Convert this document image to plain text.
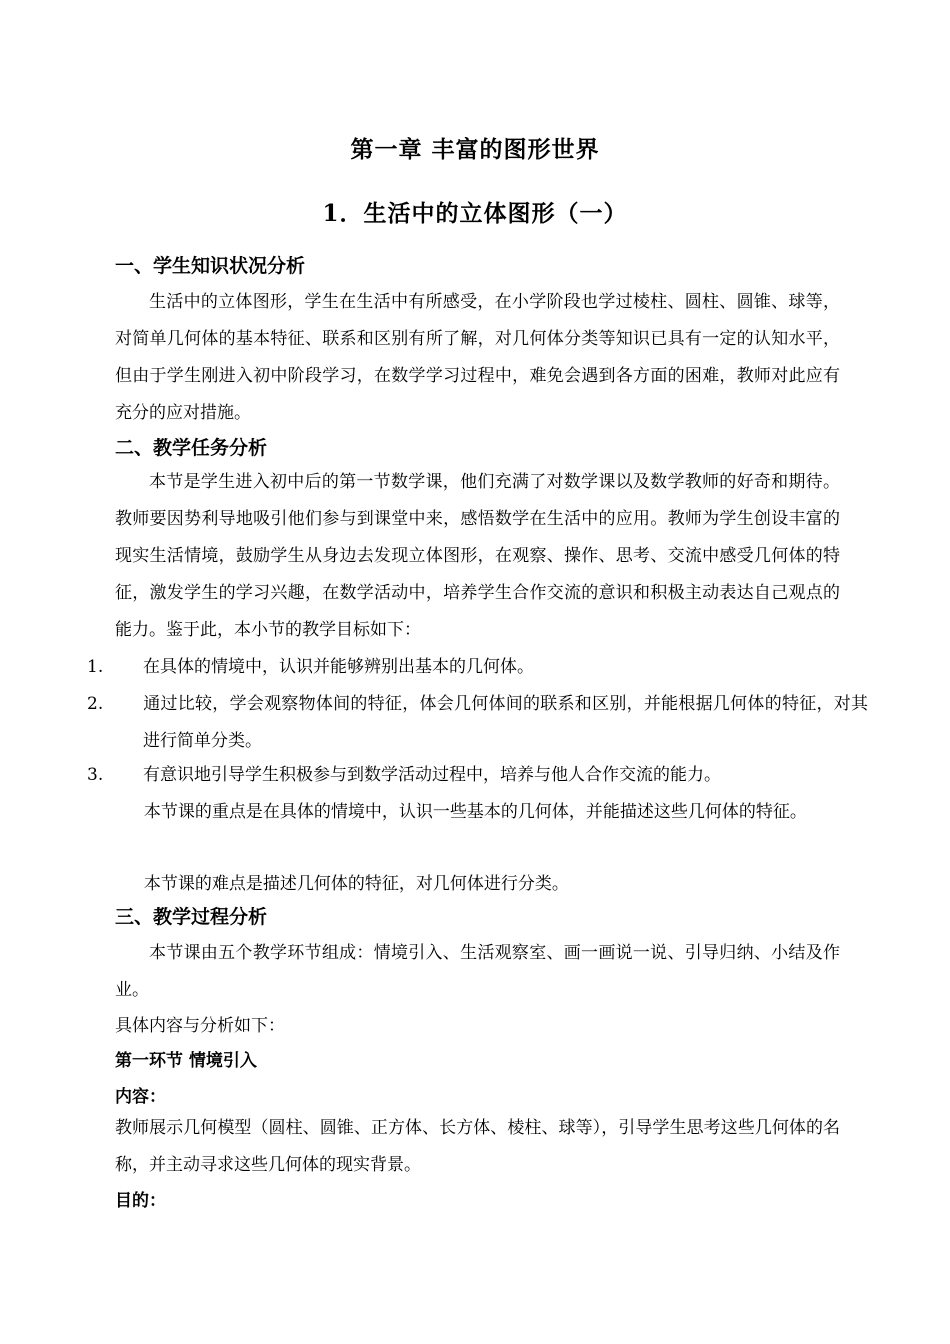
第一章 丰富的图形世界
1．生活中的立体图形（一）
一、学生知识状况分析
生活中的立体图形，学生在生活中有所感受，在小学阶段也学过棱柱、圆柱、圆锥、球等，对简单几何体的基本特征、联系和区别有所了解，对几何体分类等知识已具有一定的认知水平，但由于学生刚进入初中阶段学习，在数学学习过程中，难免会遇到各方面的困难，教师对此应有充分的应对措施。
二、教学任务分析
本节是学生进入初中后的第一节数学课，他们充满了对数学课以及数学教师的好奇和期待。教师要因势利导地吸引他们参与到课堂中来，感悟数学在生活中的应用。教师为学生创设丰富的现实生活情境，鼓励学生从身边去发现立体图形，在观察、操作、思考、交流中感受几何体的特征，激发学生的学习兴趣，在数学活动中，培养学生合作交流的意识和积极主动表达自己观点的能力。鉴于此，本小节的教学目标如下：
1. 在具体的情境中，认识并能够辨别出基本的几何体。
2. 通过比较，学会观察物体间的特征，体会几何体间的联系和区别，并能根据几何体的特征，对其进行简单分类。
3. 有意识地引导学生积极参与到数学活动过程中，培养与他人合作交流的能力。
本节课的重点是在具体的情境中，认识一些基本的几何体，并能描述这些几何体的特征。
本节课的难点是描述几何体的特征，对几何体进行分类。
三、教学过程分析
本节课由五个教学环节组成：情境引入、生活观察室、画一画说一说、引导归纳、小结及作业。
具体内容与分析如下：
第一环节 情境引入
内容：
教师展示几何模型（圆柱、圆锥、正方体、长方体、棱柱、球等），引导学生思考这些几何体的名称，并主动寻求这些几何体的现实背景。
目的：
